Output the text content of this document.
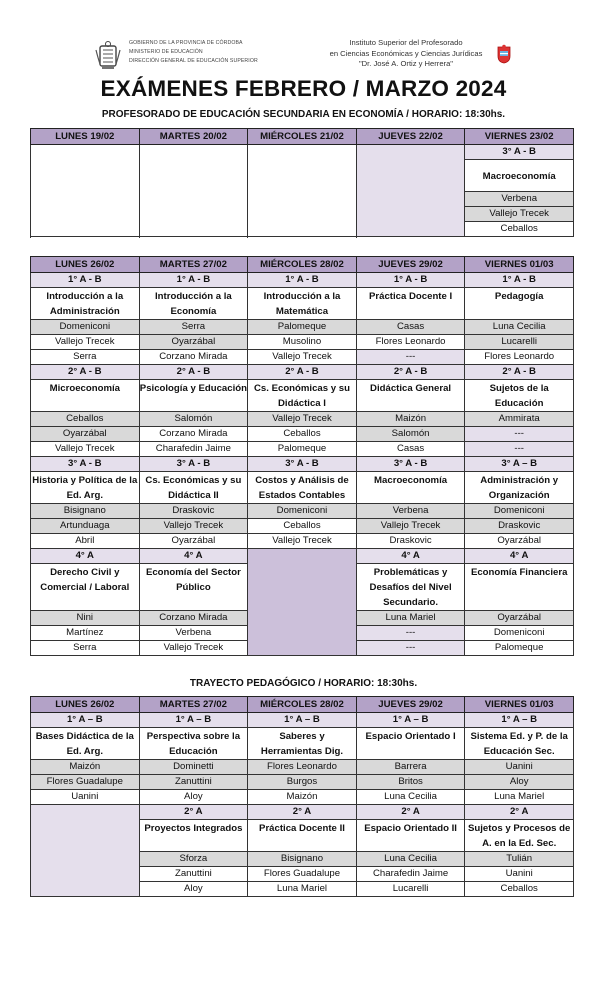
GOBIERNO DE LA PROVINCIA DE CÓRDOBA
MINISTERIO DE EDUCACIÓN
DIRECCIÓN GENERAL DE EDUCACIÓN SUPERIOR
Instituto Superior del Profesorado
en Ciencias Económicas y Ciencias Jurídicas
"Dr. José A. Ortiz y Herrera"
EXÁMENES FEBRERO / MARZO 2024
PROFESORADO DE EDUCACIÓN SECUNDARIA EN ECONOMÍA / HORARIO: 18:30hs.
LUNES 19/02	MARTES 20/02	MIÉRCOLES 21/02	JUEVES 22/02	VIERNES 23/02
				3° A - B
				Macroeconomía
				Verbena
				Vallejo Trecek
				Ceballos

LUNES 26/02	MARTES 27/02	MIÉRCOLES 28/02	JUEVES 29/02	VIERNES 01/03
1° A - B	1° A - B	1° A - B	1° A - B	1° A - B
Introducción a la Administración	Introducción a la Economía	Introducción a la Matemática	Práctica Docente I	Pedagogía
Domeniconi	Serra	Palomeque	Casas	Luna Cecilia
Vallejo Trecek	Oyarzábal	Musolino	Flores Leonardo	Lucarelli
Serra	Corzano Mirada	Vallejo Trecek	---	Flores Leonardo
2° A - B	2° A - B	2° A - B	2° A - B	2° A - B
Microeconomía	Psicología y Educación	Cs. Económicas y su Didáctica I	Didáctica General	Sujetos de la Educación
Ceballos	Salomón	Vallejo Trecek	Maizón	Ammirata
Oyarzábal	Corzano Mirada	Ceballos	Salomón	---
Vallejo Trecek	Charafedin Jaime	Palomeque	Casas	---
3° A - B	3° A - B	3° A - B	3° A - B	3° A – B
Historia y Política de la Ed. Arg.	Cs. Económicas y su Didáctica II	Costos y Análisis de Estados Contables	Macroeconomía	Administración y Organización
Bisignano	Draskovic	Domeniconi	Verbena	Domeniconi
Artunduaga	Vallejo Trecek	Ceballos	Vallejo Trecek	Draskovic
Abril	Oyarzábal	Vallejo Trecek	Draskovic	Oyarzábal
4° A	4° A		4° A	4° A
Derecho Civil y Comercial / Laboral	Economía del Sector Público		Problemáticas y Desafíos del Nivel Secundario.	Economía Financiera
Nini	Corzano Mirada		Luna Mariel	Oyarzábal
Martínez	Verbena		---	Domeniconi
Serra	Vallejo Trecek		---	Palomeque
TRAYECTO PEDAGÓGICO / HORARIO: 18:30hs.
LUNES 26/02	MARTES 27/02	MIÉRCOLES 28/02	JUEVES 29/02	VIERNES 01/03
1° A – B	1° A – B	1° A – B	1° A – B	1° A – B
Bases Didáctica de la Ed. Arg.	Perspectiva sobre la Educación	Saberes y Herramientas Dig.	Espacio Orientado I	Sistema Ed. y P. de la Educación Sec.
Maizón	Dominetti	Flores Leonardo	Barrera	Uanini
Flores Guadalupe	Zanuttini	Burgos	Britos	Aloy
Uanini	Aloy	Maizón	Luna Cecilia	Luna Mariel
	2° A	2° A	2° A	2° A
	Proyectos Integrados	Práctica Docente II	Espacio Orientado II	Sujetos y Procesos de A. en la Ed. Sec.
	Sforza	Bisignano	Luna Cecilia	Tulián
	Zanuttini	Flores Guadalupe	Charafedin Jaime	Uanini
	Aloy	Luna Mariel	Lucarelli	Ceballos
